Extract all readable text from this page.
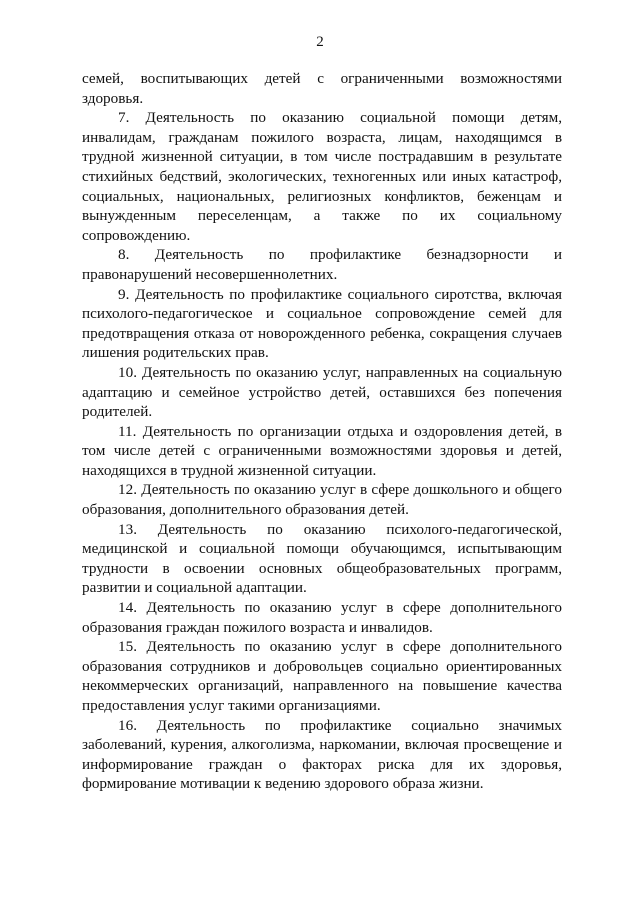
2

семей, воспитывающих детей с ограниченными возможностями здоровья.

7. Деятельность по оказанию социальной помощи детям, инвалидам, гражданам пожилого возраста, лицам, находящимся в трудной жизненной ситуации, в том числе пострадавшим в результате стихийных бедствий, экологических, техногенных или иных катастроф, социальных, национальных, религиозных конфликтов, беженцам и вынужденным переселенцам, а также по их социальному сопровождению.

8. Деятельность по профилактике безнадзорности и правонарушений несовершеннолетних.

9. Деятельность по профилактике социального сиротства, включая психолого-педагогическое и социальное сопровождение семей для предотвращения отказа от новорожденного ребенка, сокращения случаев лишения родительских прав.

10. Деятельность по оказанию услуг, направленных на социальную адаптацию и семейное устройство детей, оставшихся без попечения родителей.

11. Деятельность по организации отдыха и оздоровления детей, в том числе детей с ограниченными возможностями здоровья и детей, находящихся в трудной жизненной ситуации.

12. Деятельность по оказанию услуг в сфере дошкольного и общего образования, дополнительного образования детей.

13. Деятельность по оказанию психолого-педагогической, медицинской и социальной помощи обучающимся, испытывающим трудности в освоении основных общеобразовательных программ, развитии и социальной адаптации.

14. Деятельность по оказанию услуг в сфере дополнительного образования граждан пожилого возраста и инвалидов.

15. Деятельность по оказанию услуг в сфере дополнительного образования сотрудников и добровольцев социально ориентированных некоммерческих организаций, направленного на повышение качества предоставления услуг такими организациями.

16. Деятельность по профилактике социально значимых заболеваний, курения, алкоголизма, наркомании, включая просвещение и информирование граждан о факторах риска для их здоровья, формирование мотивации к ведению здорового образа жизни.
